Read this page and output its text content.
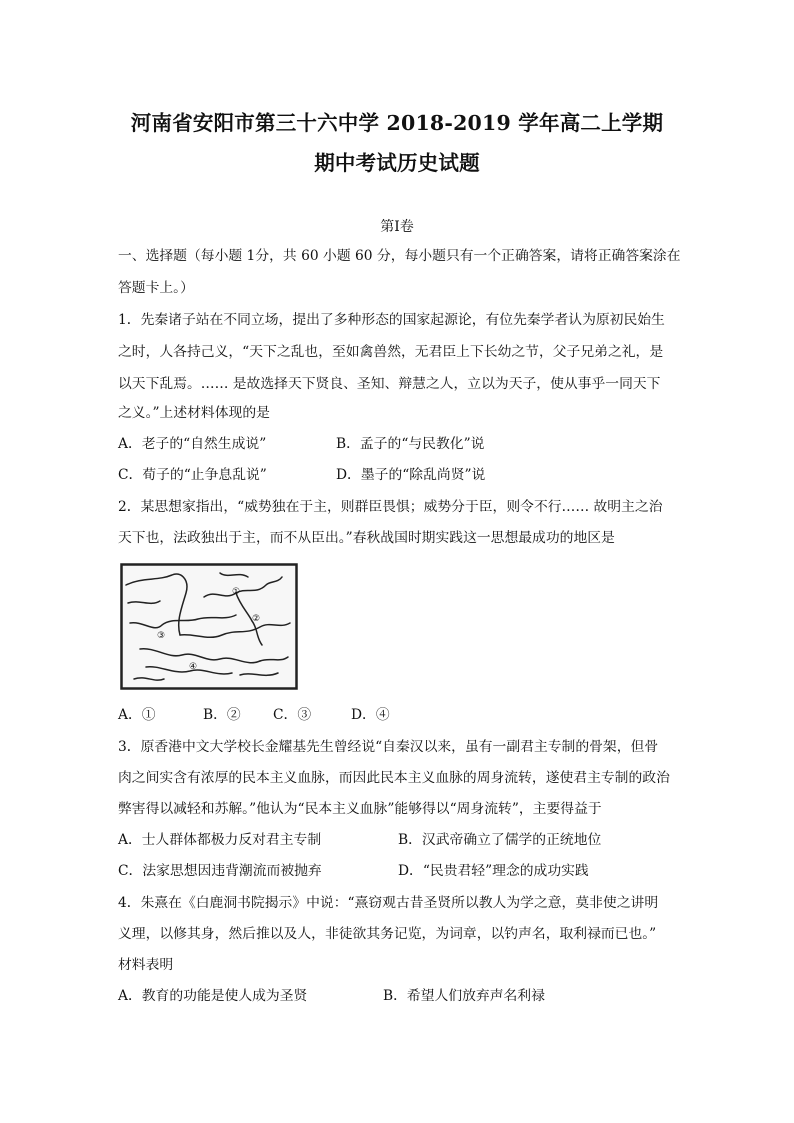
河南省安阳市第三十六中学 2018-2019 学年高二上学期
期中考试历史试题
第Ⅰ卷
一、选择题（每小题 1分，共 60 小题 60 分，每小题只有一个正确答案，请将正确答案涂在
答题卡上。）
1．先秦诸子站在不同立场，提出了多种形态的国家起源论，有位先秦学者认为原初民始生
之时，人各持己义，“天下之乱也，至如禽兽然，无君臣上下长幼之节，父子兄弟之礼，是
以天下乱焉。…… 是故选择天下贤良、圣知、辩慧之人，立以为天子，使从事乎一同天下
之义。”上述材料体现的是
A．老子的“自然生成说”	B．孟子的“与民教化”说
C．荀子的“止争息乱说”	D．墨子的“除乱尚贤”说
2．某思想家指出，“威势独在于主，则群臣畏惧；威势分于臣，则令不行…… 故明主之治
天下也，法政独出于主，而不从臣出。”春秋战国时期实践这一思想最成功的地区是
①
②
③
④
A．①	B．② C．③	D．④
3．原香港中文大学校长金耀基先生曾经说“自秦汉以来，虽有一副君主专制的骨架，但骨
肉之间实含有浓厚的民本主义血脉，而因此民本主义血脉的周身流转，遂使君主专制的政治
弊害得以减轻和苏解。”他认为“民本主义血脉”能够得以“周身流转”，主要得益于
A．士人群体都极力反对君主专制	B．汉武帝确立了儒学的正统地位
C．法家思想因违背潮流而被抛弃	D．“民贵君轻”理念的成功实践
4．朱熹在《白鹿洞书院揭示》中说：“熹窃观古昔圣贤所以教人为学之意，莫非使之讲明
义理，以修其身，然后推以及人，非徒欲其务记览，为词章，以钓声名，取利禄而已也。”
材料表明
A．教育的功能是使人成为圣贤	B．希望人们放弃声名利禄
